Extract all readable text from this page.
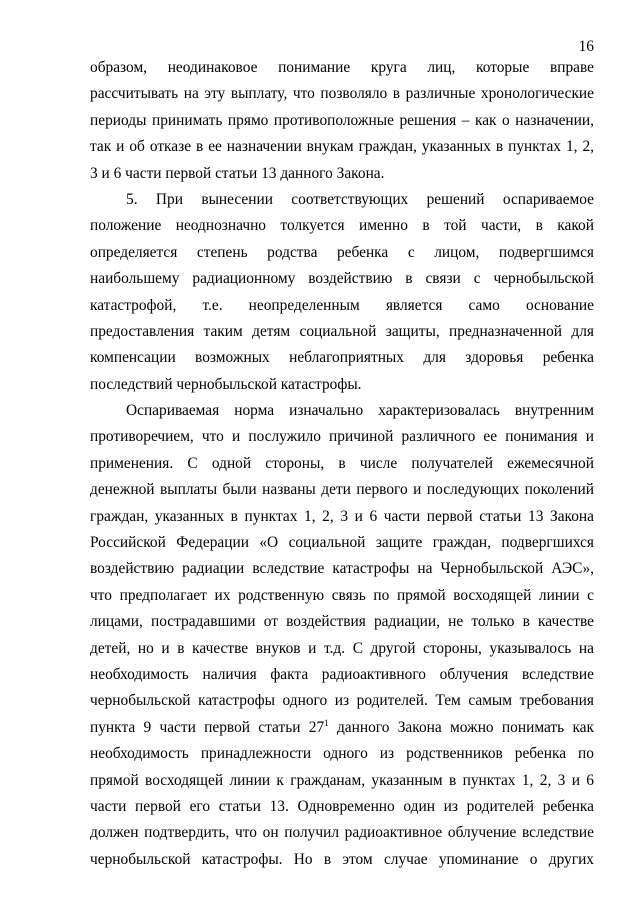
16
образом, неодинаковое понимание круга лиц, которые вправе
рассчитывать на эту выплату, что позволяло в различные хронологические
периоды принимать прямо противоположные решения – как о назначении,
так и об отказе в ее назначении внукам граждан, указанных в пунктах 1, 2,
3 и 6 части первой статьи 13 данного Закона.
5. При вынесении соответствующих решений оспариваемое
положение неоднозначно толкуется именно в той части, в какой
определяется степень родства ребенка с лицом, подвергшимся
наибольшему радиационному воздействию в связи с чернобыльской
катастрофой, т.е. неопределенным является само основание
предоставления таким детям социальной защиты, предназначенной для
компенсации возможных неблагоприятных для здоровья ребенка
последствий чернобыльской катастрофы.
Оспариваемая норма изначально характеризовалась внутренним
противоречием, что и послужило причиной различного ее понимания и
применения. С одной стороны, в числе получателей ежемесячной
денежной выплаты были названы дети первого и последующих поколений
граждан, указанных в пунктах 1, 2, 3 и 6 части первой статьи 13 Закона
Российской Федерации «О социальной защите граждан, подвергшихся
воздействию радиации вследствие катастрофы на Чернобыльской АЭС»,
что предполагает их родственную связь по прямой восходящей линии с
лицами, пострадавшими от воздействия радиации, не только в качестве
детей, но и в качестве внуков и т.д. С другой стороны, указывалось на
необходимость наличия факта радиоактивного облучения вследствие
чернобыльской катастрофы одного из родителей. Тем самым требования
пункта 9 части первой статьи $27^1$ данного Закона можно понимать как
необходимость принадлежности одного из родственников ребенка по
прямой восходящей линии к гражданам, указанным в пунктах 1, 2, 3 и 6
части первой его статьи 13. Одновременно один из родителей ребенка
должен подтвердить, что он получил радиоактивное облучение вследствие
чернобыльской катастрофы. Но в этом случае упоминание о других
